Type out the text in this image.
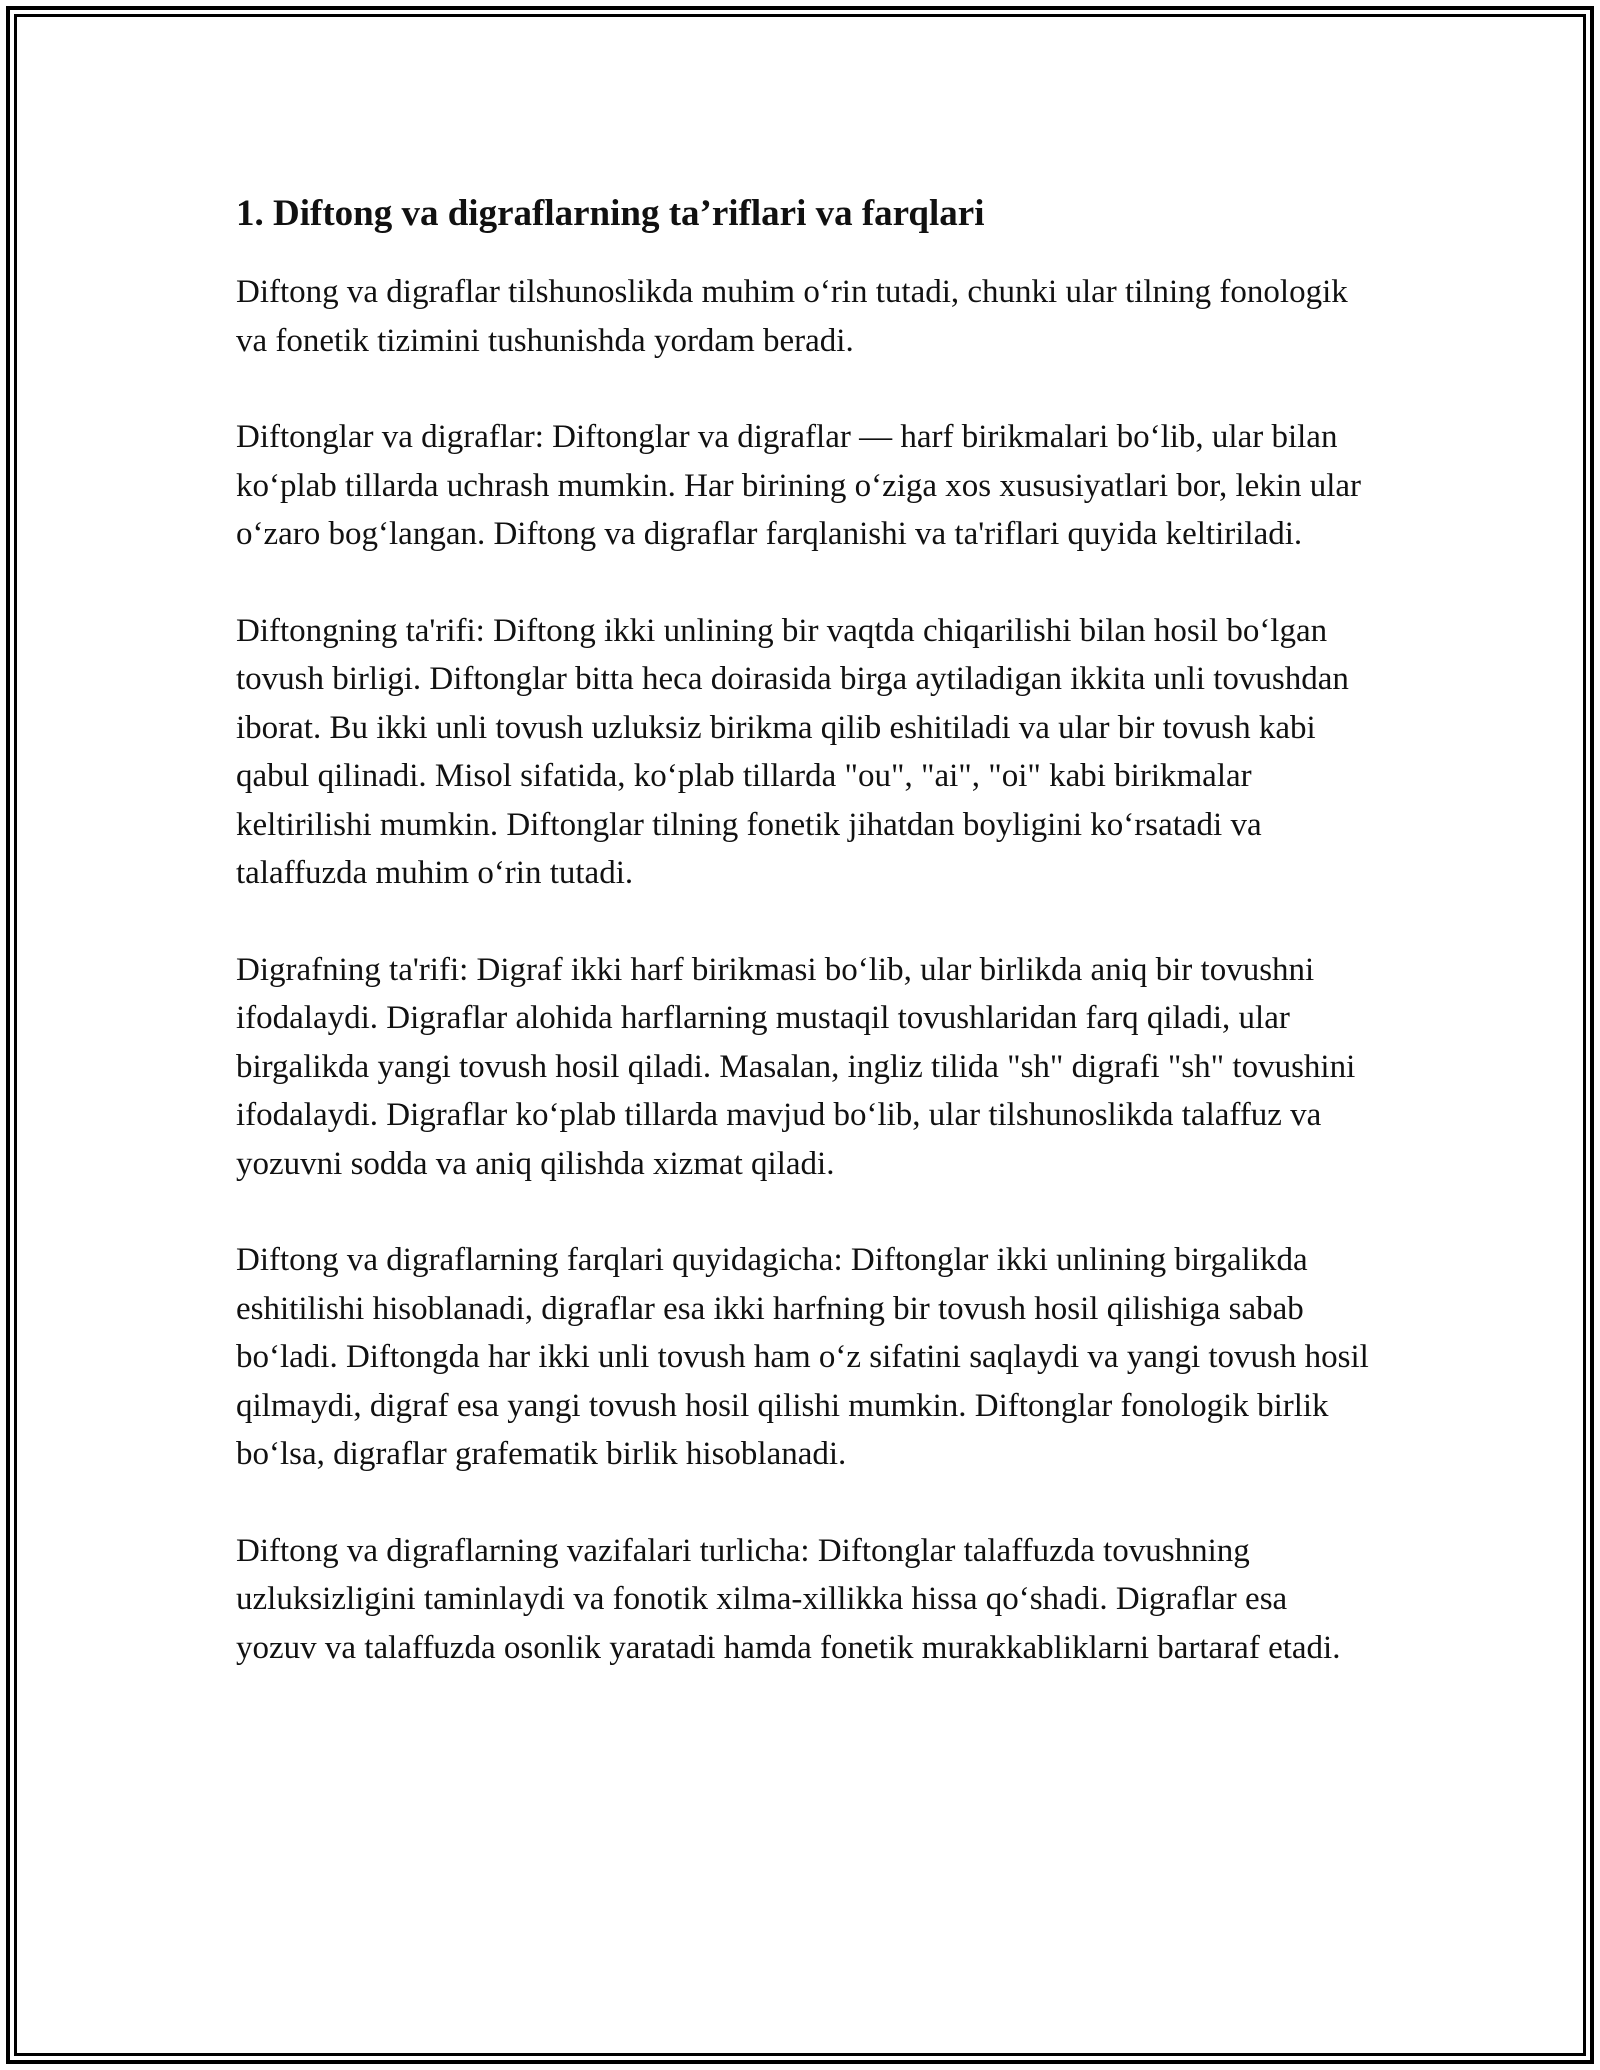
1. Diftong va digraflarning ta’riflari va farqlari

Diftong va digraflar tilshunoslikda muhim o‘rin tutadi, chunki ular tilning fonologik va fonetik tizimini tushunishda yordam beradi.

Diftonglar va digraflar: Diftonglar va digraflar — harf birikmalari bo‘lib, ular bilan ko‘plab tillarda uchrash mumkin. Har birining o‘ziga xos xususiyatlari bor, lekin ular o‘zaro bog‘langan. Diftong va digraflar farqlanishi va ta'riflari quyida keltiriladi.

Diftongning ta'rifi: Diftong ikki unlining bir vaqtda chiqarilishi bilan hosil bo‘lgan tovush birligi. Diftonglar bitta heca doirasida birga aytiladigan ikkita unli tovushdan iborat. Bu ikki unli tovush uzluksiz birikma qilib eshitiladi va ular bir tovush kabi qabul qilinadi. Misol sifatida, ko‘plab tillarda "ou", "ai", "oi" kabi birikmalar keltirilishi mumkin. Diftonglar tilning fonetik jihatdan boyligini ko‘rsatadi va talaffuzda muhim o‘rin tutadi.

Digrafning ta'rifi: Digraf ikki harf birikmasi bo‘lib, ular birlikda aniq bir tovushni ifodalaydi. Digraflar alohida harflarning mustaqil tovushlaridan farq qiladi, ular birgalikda yangi tovush hosil qiladi. Masalan, ingliz tilida "sh" digrafi "sh" tovushini ifodalaydi. Digraflar ko‘plab tillarda mavjud bo‘lib, ular tilshunoslikda talaffuz va yozuvni sodda va aniq qilishda xizmat qiladi.

Diftong va digraflarning farqlari quyidagicha: Diftonglar ikki unlining birgalikda eshitilishi hisoblanadi, digraflar esa ikki harfning bir tovush hosil qilishiga sabab bo‘ladi. Diftongda har ikki unli tovush ham o‘z sifatini saqlaydi va yangi tovush hosil qilmaydi, digraf esa yangi tovush hosil qilishi mumkin. Diftonglar fonologik birlik bo‘lsa, digraflar grafematik birlik hisoblanadi.

Diftong va digraflarning vazifalari turlicha: Diftonglar talaffuzda tovushning uzluksizligini taminlaydi va fonotik xilma-xillikka hissa qo‘shadi. Digraflar esa yozuv va talaffuzda osonlik yaratadi hamda fonetik murakkabliklarni bartaraf etadi.
